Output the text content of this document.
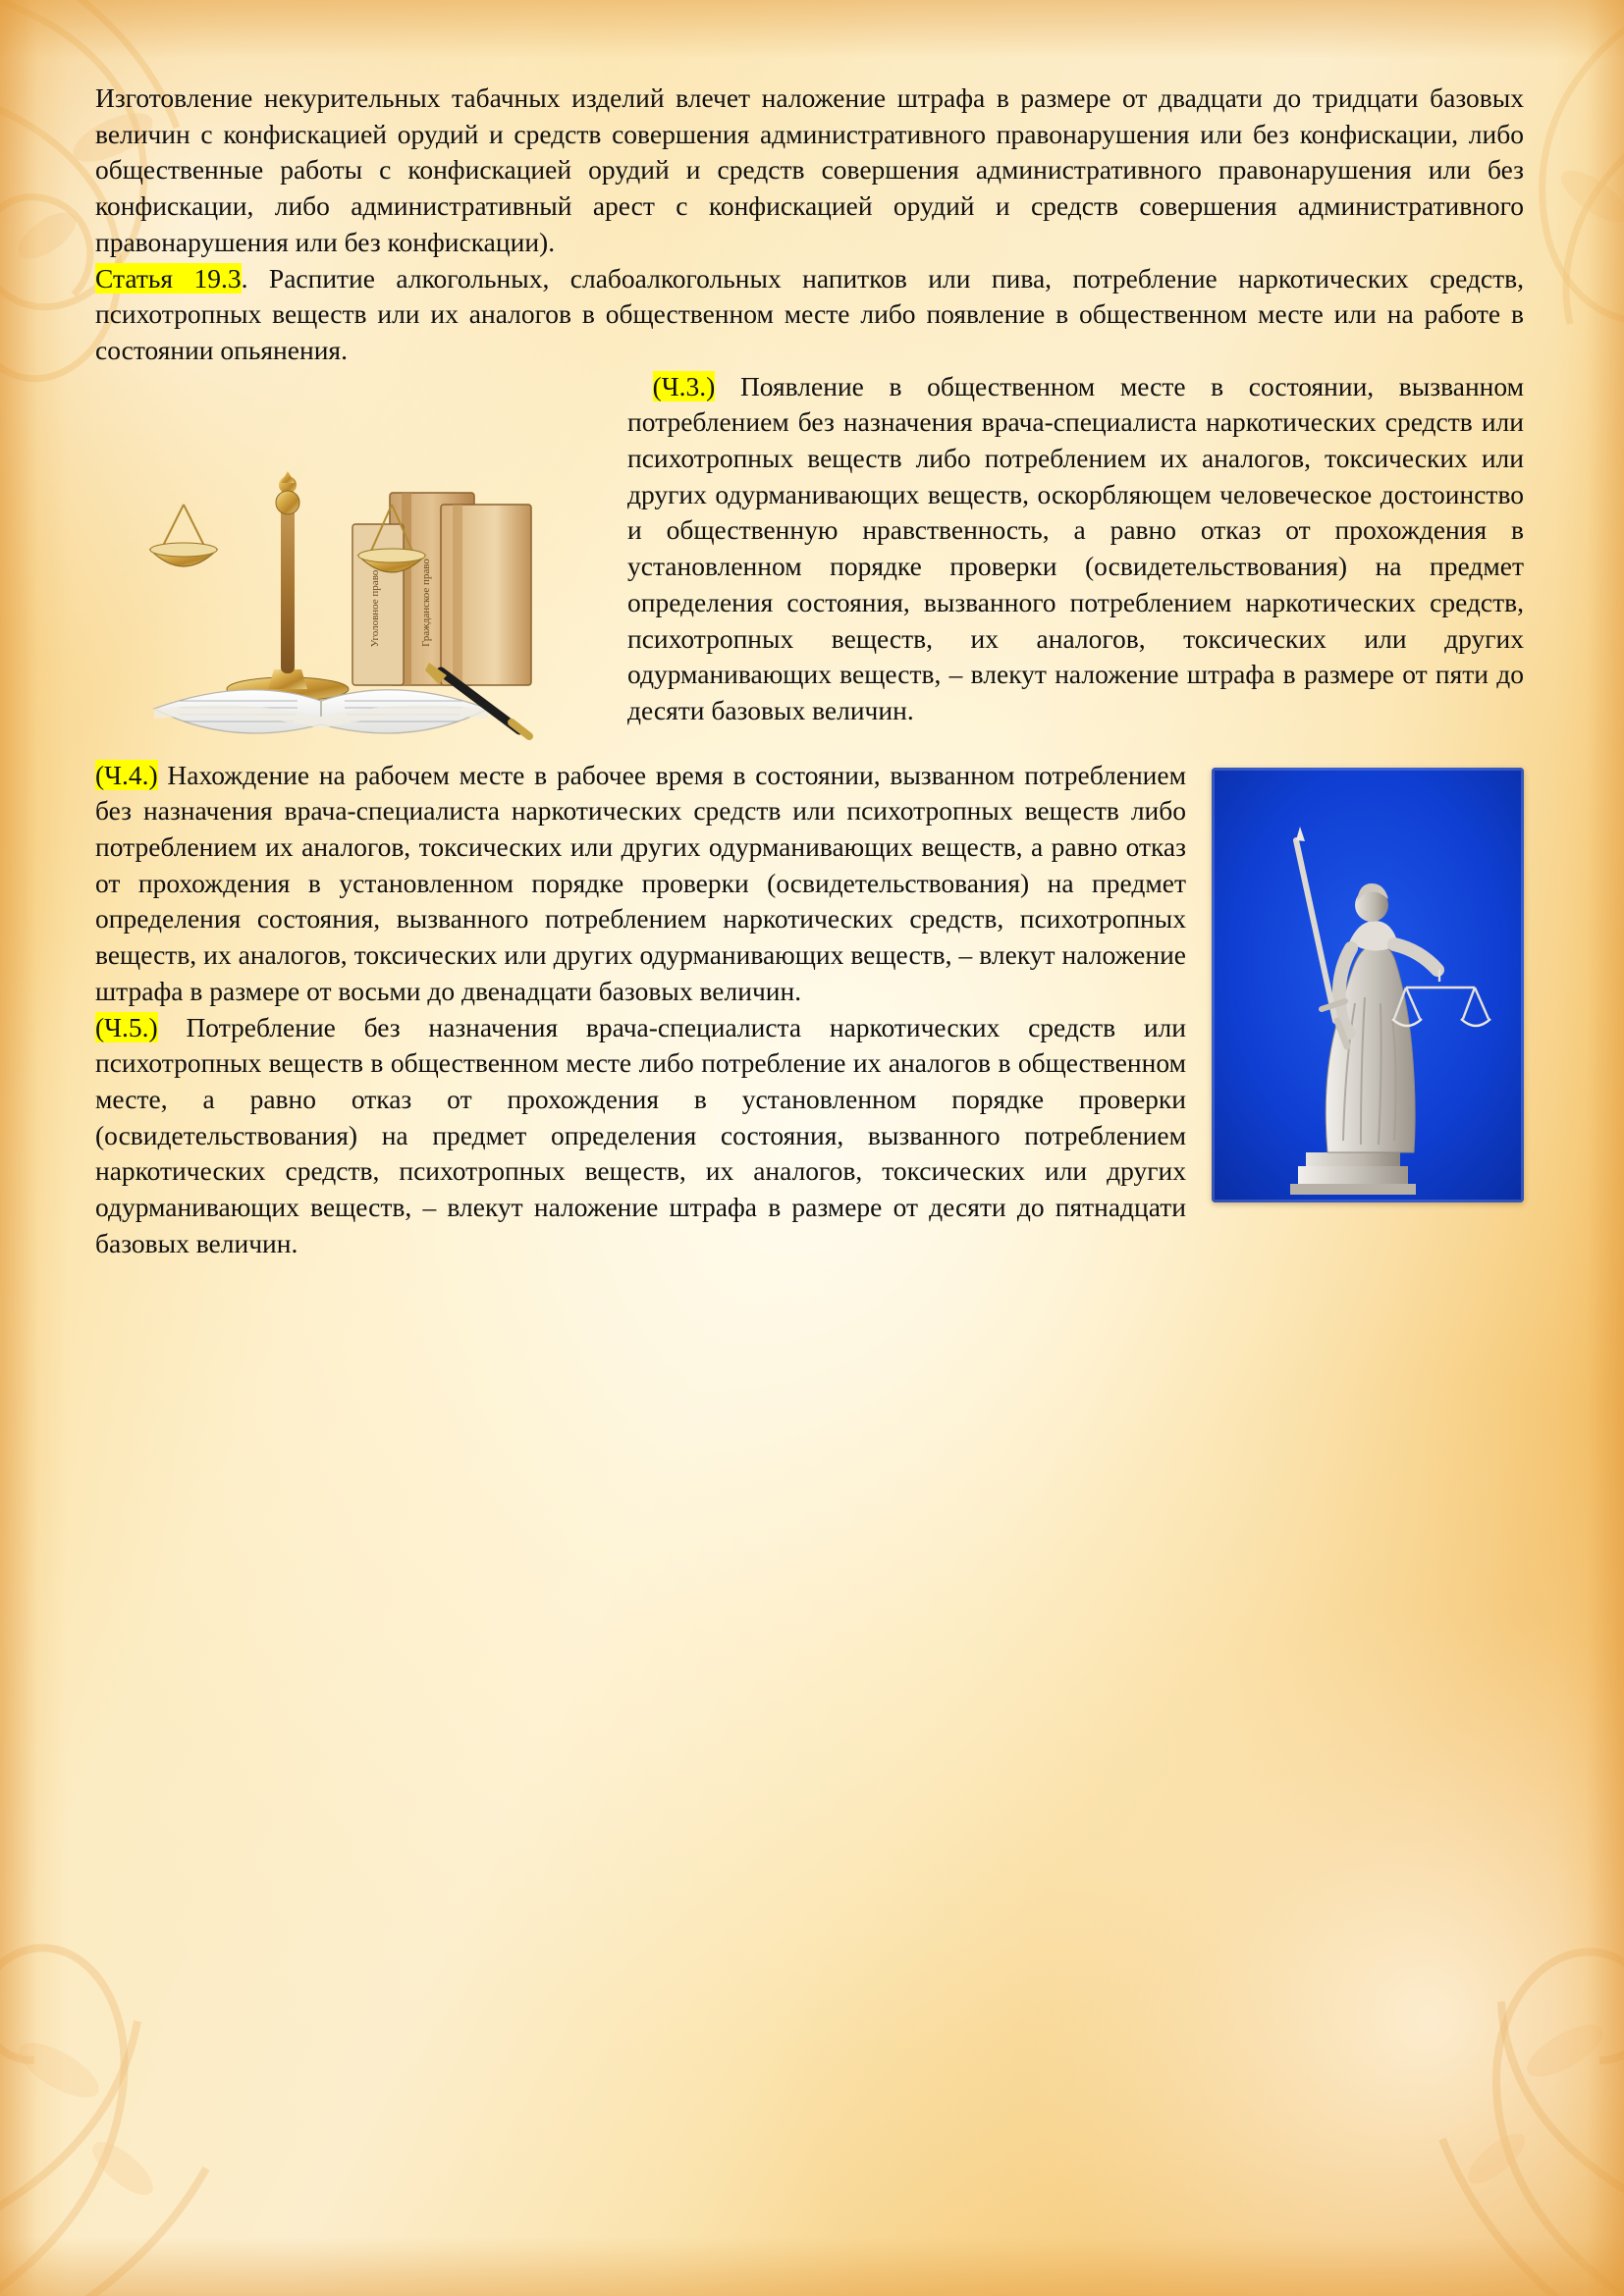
Изготовление некурительных табачных изделий влечет наложение штрафа в размере от двадцати до тридцати базовых величин с конфискацией орудий и средств совершения административного правонарушения или без конфискации, либо общественные работы с конфискацией орудий и средств совершения административного правонарушения или без конфискации, либо административный арест с конфискацией орудий и средств совершения административного правонарушения или без конфискации).

Статья 19.3. Распитие алкогольных, слабоалкогольных напитков или пива, потребление наркотических средств, психотропных веществ или их аналогов в общественном месте либо появление в общественном месте или на работе в состоянии опьянения.

Уголовное право	Гражданское право

(Ч.3.) Появление в общественном месте в состоянии, вызванном потреблением без назначения врача-специалиста наркотических средств или психотропных веществ либо потреблением их аналогов, токсических или других одурманивающих веществ, оскорбляющем человеческое достоинство и общественную нравственность, а равно отказ от прохождения в установленном порядке проверки (освидетельствования) на предмет определения состояния, вызванного потреблением наркотических средств, психотропных веществ, их аналогов, токсических или других одурманивающих веществ, – влекут наложение штрафа в размере от пяти до десяти базовых величин.

(Ч.4.) Нахождение на рабочем месте в рабочее время в состоянии, вызванном потреблением без назначения врача-специалиста наркотических средств или психотропных веществ либо потреблением их аналогов, токсических или других одурманивающих веществ, а равно отказ от прохождения в установленном порядке проверки (освидетельствования) на предмет определения состояния, вызванного потреблением наркотических средств, психотропных веществ, их аналогов, токсических или других одурманивающих веществ, – влекут наложение штрафа в размере от восьми до двенадцати базовых величин.

(Ч.5.) Потребление без назначения врача-специалиста наркотических средств или психотропных веществ в общественном месте либо потребление их аналогов в общественном месте, а равно отказ от прохождения в установленном порядке проверки (освидетельствования) на предмет определения состояния, вызванного потреблением наркотических средств, психотропных веществ, их аналогов, токсических или других одурманивающих веществ, – влекут наложение штрафа в размере от десяти до пятнадцати базовых величин.
